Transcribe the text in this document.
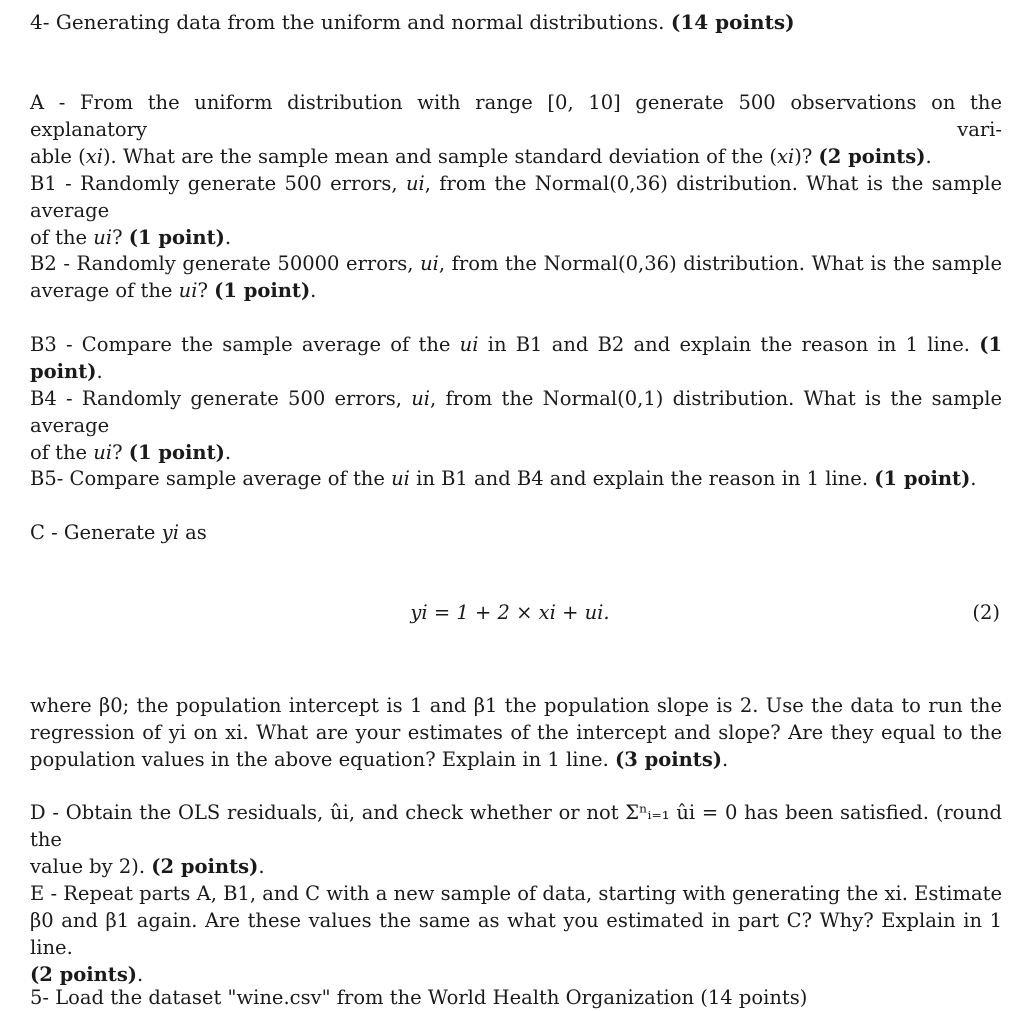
4- Generating data from the uniform and normal distributions. (14 points)
A - From the uniform distribution with range [0, 10] generate 500 observations on the explanatory vari-
able (xi). What are the sample mean and sample standard deviation of the (xi)? (2 points).
B1 - Randomly generate 500 errors, ui, from the Normal(0,36) distribution. What is the sample average
of the ui? (1 point).
B2 - Randomly generate 50000 errors, ui, from the Normal(0,36) distribution. What is the sample
average of the ui? (1 point).
B3 - Compare the sample average of the ui in B1 and B2 and explain the reason in 1 line. (1 point).
B4 - Randomly generate 500 errors, ui, from the Normal(0,1) distribution. What is the sample average
of the ui? (1 point).
B5- Compare sample average of the ui in B1 and B4 and explain the reason in 1 line. (1 point).
C - Generate yi as
yi = 1 + 2 × xi + ui.	(2)
where β0; the population intercept is 1 and β1 the population slope is 2. Use the data to run the
regression of yi on xi. What are your estimates of the intercept and slope? Are they equal to the
population values in the above equation? Explain in 1 line. (3 points).
D - Obtain the OLS residuals, ûi, and check whether or not Σⁿᵢ₌₁ ûi = 0 has been satisfied. (round the
value by 2). (2 points).
E - Repeat parts A, B1, and C with a new sample of data, starting with generating the xi. Estimate
β0 and β1 again. Are these values the same as what you estimated in part C? Why? Explain in 1 line.
(2 points).
5- Load the dataset "wine.csv" from the World Health Organization (14 points)
